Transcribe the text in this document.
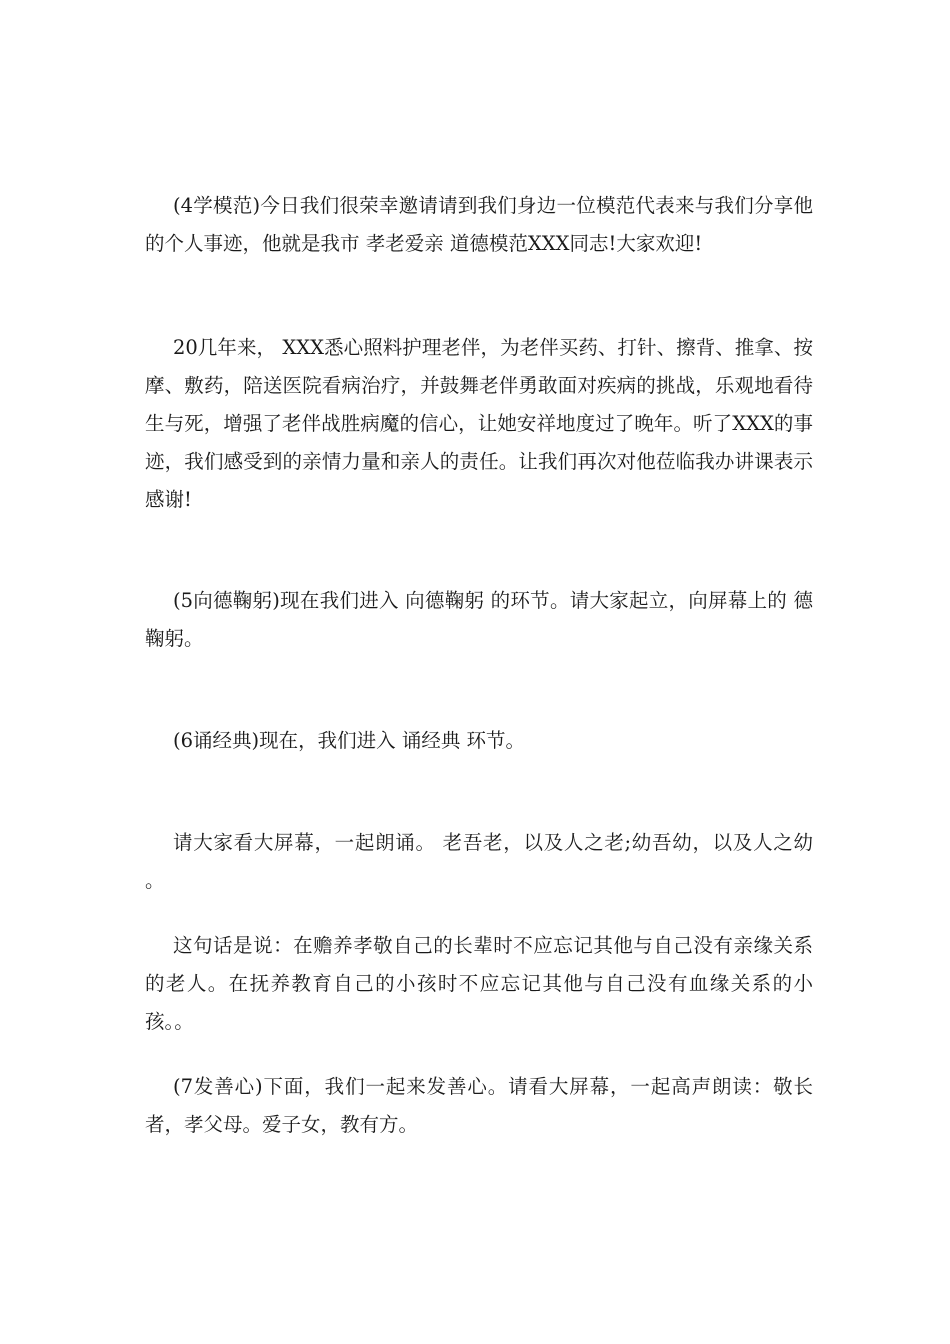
(4学模范)今日我们很荣幸邀请请到我们身边一位模范代表来与我们分享他的个人事迹，他就是我市 孝老爱亲 道德模范XXX同志!大家欢迎!

20几年来， XXX悉心照料护理老伴，为老伴买药、打针、擦背、推拿、按摩、敷药，陪送医院看病治疗，并鼓舞老伴勇敢面对疾病的挑战，乐观地看待生与死，增强了老伴战胜病魔的信心，让她安祥地度过了晚年。听了XXX的事迹，我们感受到的亲情力量和亲人的责任。让我们再次对他莅临我办讲课表示感谢!

(5向德鞠躬)现在我们进入 向德鞠躬 的环节。请大家起立，向屏幕上的 德 鞠躬。

(6诵经典)现在，我们进入 诵经典 环节。

请大家看大屏幕，一起朗诵。 老吾老，以及人之老;幼吾幼，以及人之幼 。

这句话是说：在赡养孝敬自己的长辈时不应忘记其他与自己没有亲缘关系的老人。在抚养教育自己的小孩时不应忘记其他与自己没有血缘关系的小孩。。

(7发善心)下面，我们一起来发善心。请看大屏幕，一起高声朗读：敬长者，孝父母。爱子女，教有方。
